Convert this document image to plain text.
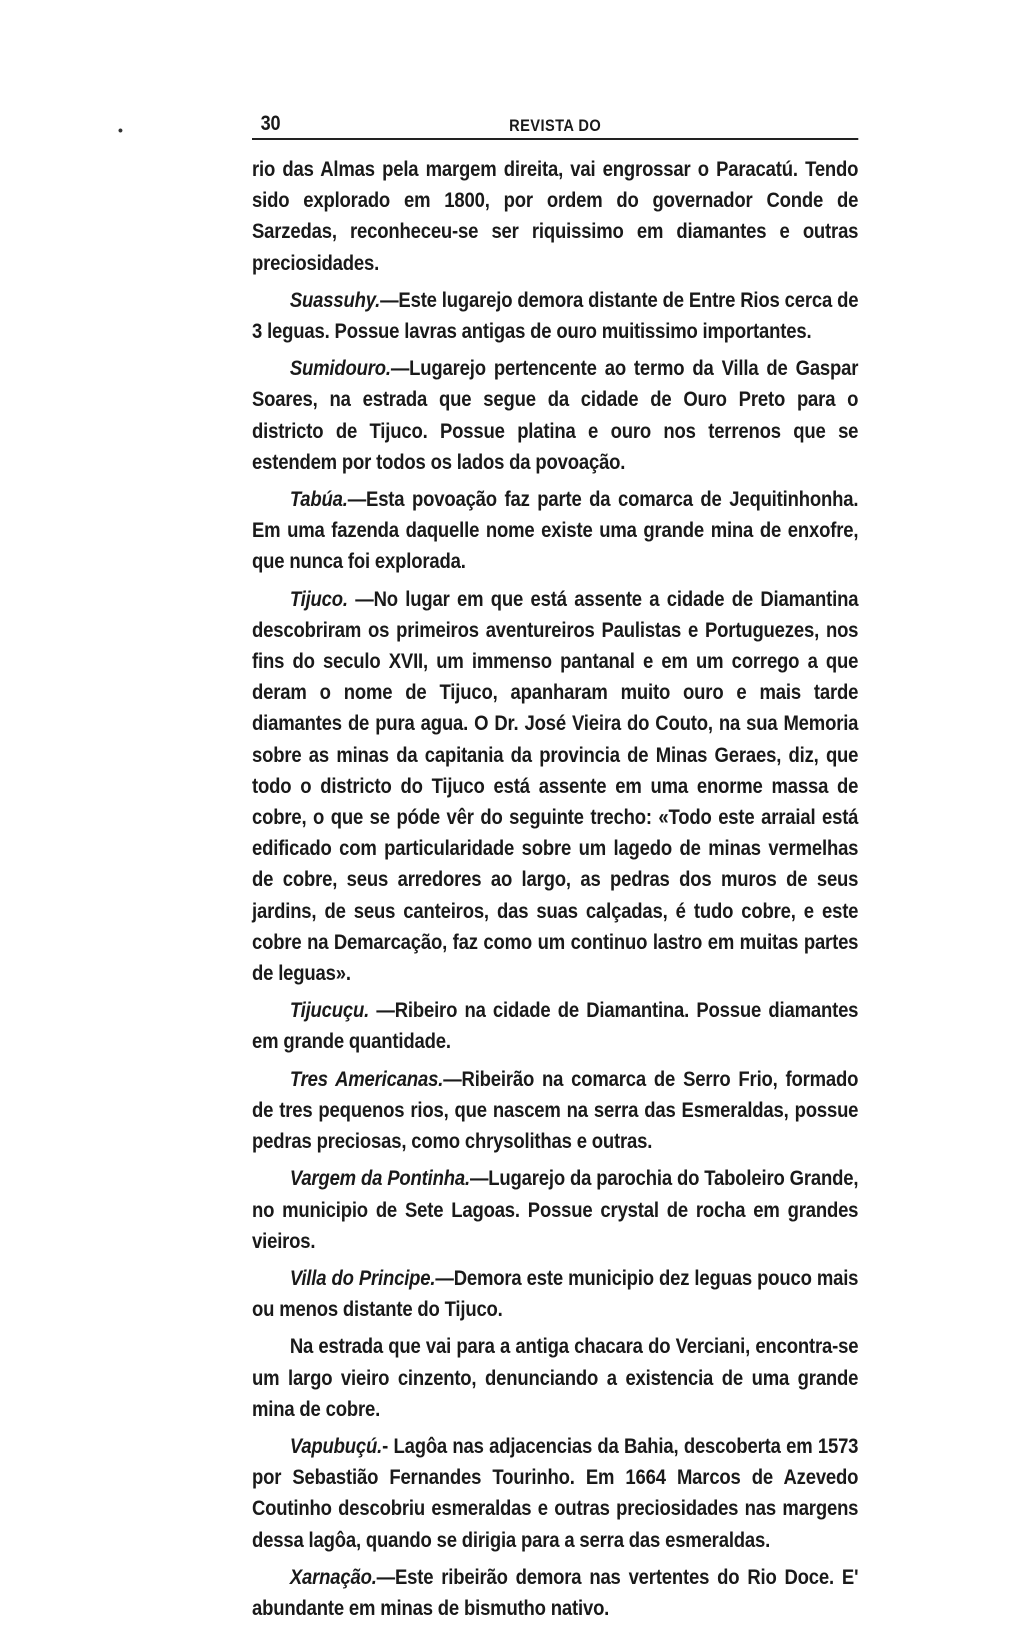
•	30	REVISTA DO

rio das Almas pela margem direita, vai engrossar o Paracatú. Tendo sido explorado em 1800, por ordem do governador Conde de Sarzedas, reconheceu-se ser riquissimo em diamantes e outras preciosidades.

Suassuhy.—Este lugarejo demora distante de Entre Rios cerca de 3 leguas. Possue lavras antigas de ouro muitissimo importantes.

Sumidouro.—Lugarejo pertencente ao termo da Villa de Gaspar Soares, na estrada que segue da cidade de Ouro Preto para o districto de Tijuco. Possue platina e ouro nos terrenos que se estendem por todos os lados da povoação.

Tabúa.—Esta povoação faz parte da comarca de Jequitinhonha. Em uma fazenda daquelle nome existe uma grande mina de enxofre, que nunca foi explorada.

Tijuco. —No lugar em que está assente a cidade de Diamantina descobriram os primeiros aventureiros Paulistas e Portuguezes, nos fins do seculo XVII, um immenso pantanal e em um corrego a que deram o nome de Tijuco, apanharam muito ouro e mais tarde diamantes de pura agua. O Dr. José Vieira do Couto, na sua Memoria sobre as minas da capitania da provincia de Minas Geraes, diz, que todo o districto do Tijuco está assente em uma enorme massa de cobre, o que se póde vêr do seguinte trecho: «Todo este arraial está edificado com particularidade sobre um lagedo de minas vermelhas de cobre, seus arredores ao largo, as pedras dos muros de seus jardins, de seus canteiros, das suas calçadas, é tudo cobre, e este cobre na Demarcação, faz como um continuo lastro em muitas partes de leguas».

Tijucuçu. —Ribeiro na cidade de Diamantina. Possue diamantes em grande quantidade.

Tres Americanas.—Ribeirão na comarca de Serro Frio, formado de tres pequenos rios, que nascem na serra das Esmeraldas, possue pedras preciosas, como chrysolithas e outras.

Vargem da Pontinha.—Lugarejo da parochia do Taboleiro Grande, no municipio de Sete Lagoas. Possue crystal de rocha em grandes vieiros.

Villa do Principe.—Demora este municipio dez leguas pouco mais ou menos distante do Tijuco.

Na estrada que vai para a antiga chacara do Verciani, encontra-se um largo vieiro cinzento, denunciando a existencia de uma grande mina de cobre.

Vapubuçú.- Lagôa nas adjacencias da Bahia, descoberta em 1573 por Sebastião Fernandes Tourinho. Em 1664 Marcos de Azevedo Coutinho descobriu esmeraldas e outras preciosidades nas margens dessa lagôa, quando se dirigia para a serra das esmeraldas.

Xarnação.—Este ribeirão demora nas vertentes do Rio Doce. E' abundante em minas de bismutho nativo.
